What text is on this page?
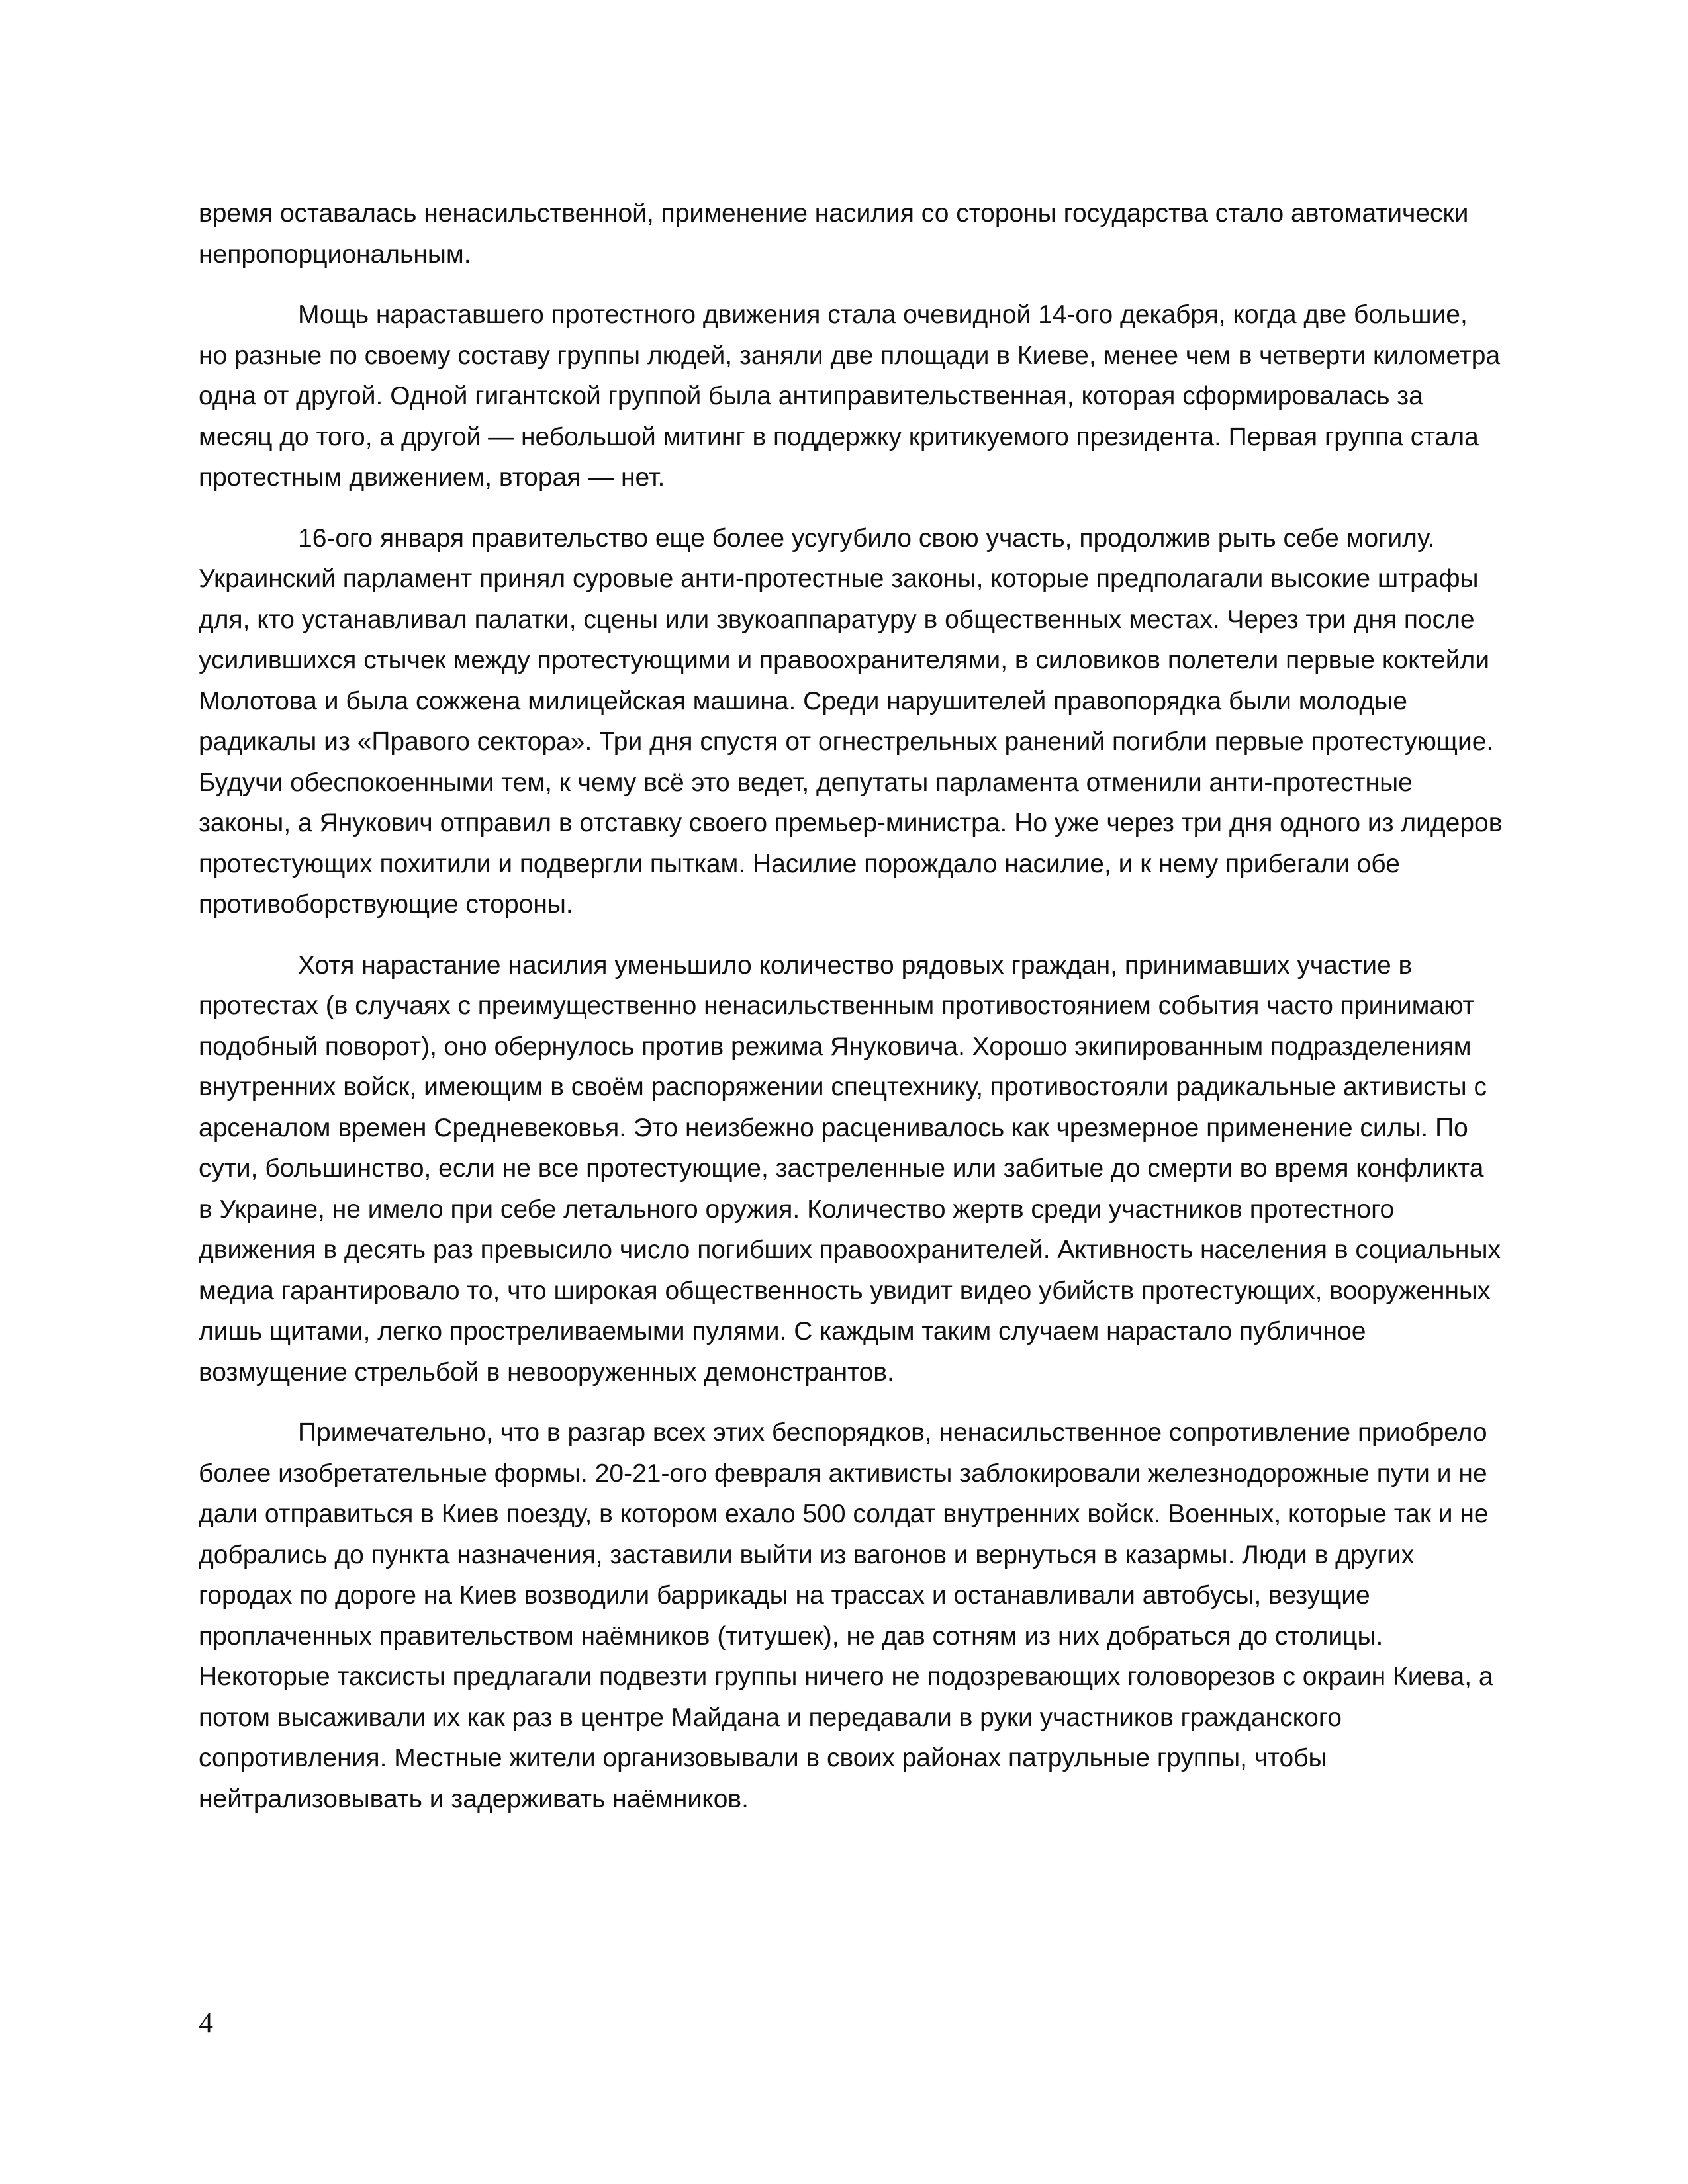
время оставалась ненасильственной, применение насилия со стороны государства стало автоматически непропорциональным.

Мощь нараставшего протестного движения стала очевидной 14-ого декабря, когда две большие, но разные по своему составу группы людей, заняли две площади в Киеве, менее чем в четверти километра одна от другой. Одной гигантской группой была антиправительственная, которая сформировалась за месяц до того, а другой — небольшой митинг в поддержку критикуемого президента. Первая группа стала протестным движением, вторая — нет.

16-ого января правительство еще более усугубило свою участь, продолжив рыть себе могилу. Украинский парламент принял суровые анти-протестные законы, которые предполагали высокие штрафы для, кто устанавливал палатки, сцены или звукоаппаратуру в общественных местах. Через три дня после усилившихся стычек между протестующими и правоохранителями, в силовиков полетели первые коктейли Молотова и была сожжена милицейская машина. Среди нарушителей правопорядка были молодые радикалы из «Правого сектора». Три дня спустя от огнестрельных ранений погибли первые протестующие. Будучи обеспокоенными тем, к чему всё это ведет, депутаты парламента отменили анти-протестные законы, а Янукович отправил в отставку своего премьер-министра. Но уже через три дня одного из лидеров протестующих похитили и подвергли пыткам. Насилие порождало насилие, и к нему прибегали обе противоборствующие стороны.

Хотя нарастание насилия уменьшило количество рядовых граждан, принимавших участие в протестах (в случаях с преимущественно ненасильственным противостоянием события часто принимают подобный поворот), оно обернулось против режима Януковича. Хорошо экипированным подразделениям внутренних войск, имеющим в своём распоряжении спецтехнику, противостояли радикальные активисты с арсеналом времен Средневековья. Это неизбежно расценивалось как чрезмерное применение силы. По сути, большинство, если не все протестующие, застреленные или забитые до смерти во время конфликта в Украине, не имело при себе летального оружия. Количество жертв среди участников протестного движения в десять раз превысило число погибших правоохранителей. Активность населения в социальных медиа гарантировало то, что широкая общественность увидит видео убийств протестующих, вооруженных лишь щитами, легко простреливаемыми пулями. С каждым таким случаем нарастало публичное возмущение стрельбой в невооруженных демонстрантов.

Примечательно, что в разгар всех этих беспорядков, ненасильственное сопротивление приобрело более изобретательные формы. 20-21-ого февраля активисты заблокировали железнодорожные пути и не дали отправиться в Киев поезду, в котором ехало 500 солдат внутренних войск. Военных, которые так и не добрались до пункта назначения, заставили выйти из вагонов и вернуться в казармы. Люди в других городах по дороге на Киев возводили баррикады на трассах и останавливали автобусы, везущие проплаченных правительством наёмников (титушек), не дав сотням из них добраться до столицы. Некоторые таксисты предлагали подвезти группы ничего не подозревающих головорезов с окраин Киева, а потом высаживали их как раз в центре Майдана и передавали в руки участников гражданского сопротивления. Местные жители организовывали в своих районах патрульные группы, чтобы нейтрализовывать и задерживать наёмников.

4
